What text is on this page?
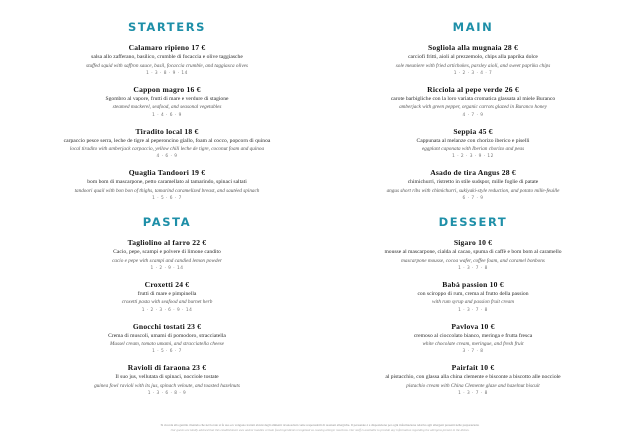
STARTERS
Calamaro ripieno 17 €
salsa allo zafferano, basilico, crumble di focaccia e olive taggiasche
stuffed squid with saffron sauce, basil, focaccia crumble, and taggiasca olives
1 · 3 · 8 · 9 · 14
Cappon magro 16 €
Sgombro al vapore, frutti di mare e verdure di stagione
steamed mackerel, seafood, and seasonal vegetables
1 · 4 · 6 · 9
Tiradito local 18 €
carpaccio pesce serra, leche de tigre al peperoncino giallo, foam al cocco, popcorn di quinoa
local tiradito with amberjack carpaccio, yellow chili leche de tigre, coconut foam and quinoa
4 · 6 · 9
Quaglia Tandoori 19 €
bom bom di mascarpone, petto caramellato al tamarindo, spinaci saltati
tandoori quail with bon bon of thighs, tamarind caramelized breast, and sautéed spinach
1 · 5 · 6 · 7
PASTA
Tagliolino al farro 22 €
Cacio, pepe, scampi e polvere di limone candito
cacio e pepe with scampi and candied lemon powder
1 · 2 · 9 · 14
Croxetti 24 €
frutti di mare e pimpinella
croxetti pasta with seafood and burnet herb
1 · 2 · 3 · 6 · 9 · 14
Gnocchi tostati 23 €
Crema di muscoli, umami di pomodoro, stracciatella
Mussel cream, tomato umami, and stracciatella cheese
1 · 5 · 6 · 7
Ravioli di faraona 23 €
Il suo jus, vellutata di spinaci, nocciole tostate
guinea fowl ravioli with its jus, spinach veloute, and toasted hazelnuts
1 · 3 · 6 · 8 · 9
MAIN
Sogliola alla mugnaia 28 €
carciofi fritti, aioli al prezzemolo, chips alla paprika dolce
sole meuniere with fried artichokes, parsley aioli, and sweet paprika chips
1 · 2 · 3 · 4 · 7
Ricciola al pepe verde 26 €
carote barbigliche con la loro variata cromatica glassata al miele Buranco
amberjack with green pepper, organic carrots glazed in Buranco honey
4 · 7 · 9
Seppia 45 €
Cappunata al melanze con chorizo iberico e piselli
eggplant caponata with Iberian chorizo and peas
1 · 2 · 3 · 9 · 12
Asado de tira Angus 28 €
chimichurri, ristretto in stile sudspor, mille foglie di patate
angus short ribs with chimichurri, sukiyaki-style reduction, and potato mille-feuille
6 · 7 · 9
DESSERT
Sigaro 10 €
mousse al mascarpone, cialda al cacao, spuma di caffè e bom bom al caramello
mascarpone mousse, cocoa wafer, coffee foam, and caramel bonbons
1 · 3 · 7 · 8
Babà passion 10 €
con sciroppo di rum, crema al frutto della passion
with rum syrup and passion fruit cream
1 · 3 · 7 · 8
Pavlova 10 €
cremoso al cioccolato bianco, meringa e frutta fresca
white chocolate cream, meringue, and fresh fruit
3 · 7 · 8
Pairfait 10 €
al pistacchio, con glassa alla china clemente e bisconte a biscotto alle nocciole
pistachio cream with China Clemente glaze and hazelnut biscuit
1 · 3 · 7 · 8
Si ricorda alla gentile clientela che nel locale si fa uso e/o vengono trattati alcuni degli alimenti riconosciuti come responsabili di reazioni allergiche. Il personale è a disposizione per ogni informazione relativa agli allergeni presenti nelle preparazioni.
Our guests are kindly advised that this establishment uses and/or handles certain food ingredients recognized as causing allergic reactions. Our staff is available to provide any information regarding the allergens present in the dishes.
